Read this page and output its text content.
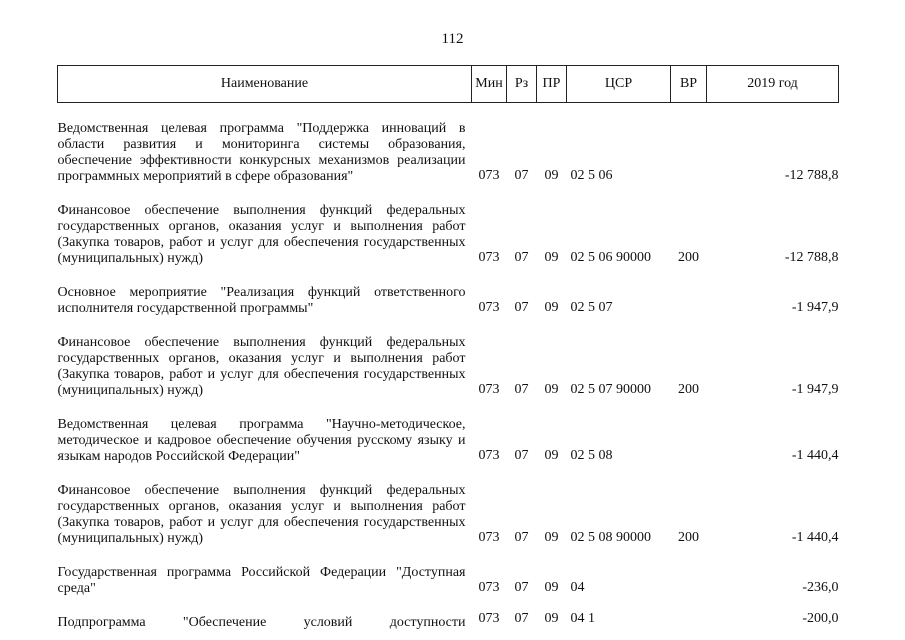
112
Наименование	Мин	Рз	ПР	ЦСР	ВР	2019 год

Ведомственная целевая программа "Поддержка инноваций в области развития и мониторинга системы образования, обеспечение эффективности конкурсных механизмов реализации программных мероприятий в сфере образования"	073	07	09	02 5 06		-12 788,8

Финансовое обеспечение выполнения функций федеральных государственных органов, оказания услуг и выполнения работ (Закупка товаров, работ и услуг для обеспечения государственных (муниципальных) нужд)	073	07	09	02 5 06 90000	200	-12 788,8

Основное мероприятие "Реализация функций ответственного исполнителя государственной программы"	073	07	09	02 5 07		-1 947,9

Финансовое обеспечение выполнения функций федеральных государственных органов, оказания услуг и выполнения работ (Закупка товаров, работ и услуг для обеспечения государственных (муниципальных) нужд)	073	07	09	02 5 07 90000	200	-1 947,9

Ведомственная целевая программа "Научно-методическое, методическое и кадровое обеспечение обучения русскому языку и языкам народов Российской Федерации"	073	07	09	02 5 08		-1 440,4

Финансовое обеспечение выполнения функций федеральных государственных органов, оказания услуг и выполнения работ (Закупка товаров, работ и услуг для обеспечения государственных (муниципальных) нужд)	073	07	09	02 5 08 90000	200	-1 440,4

Государственная программа Российской Федерации "Доступная среда"	073	07	09	04		-236,0

Подпрограмма "Обеспечение условий доступности	073	07	09	04 1		-200,0
